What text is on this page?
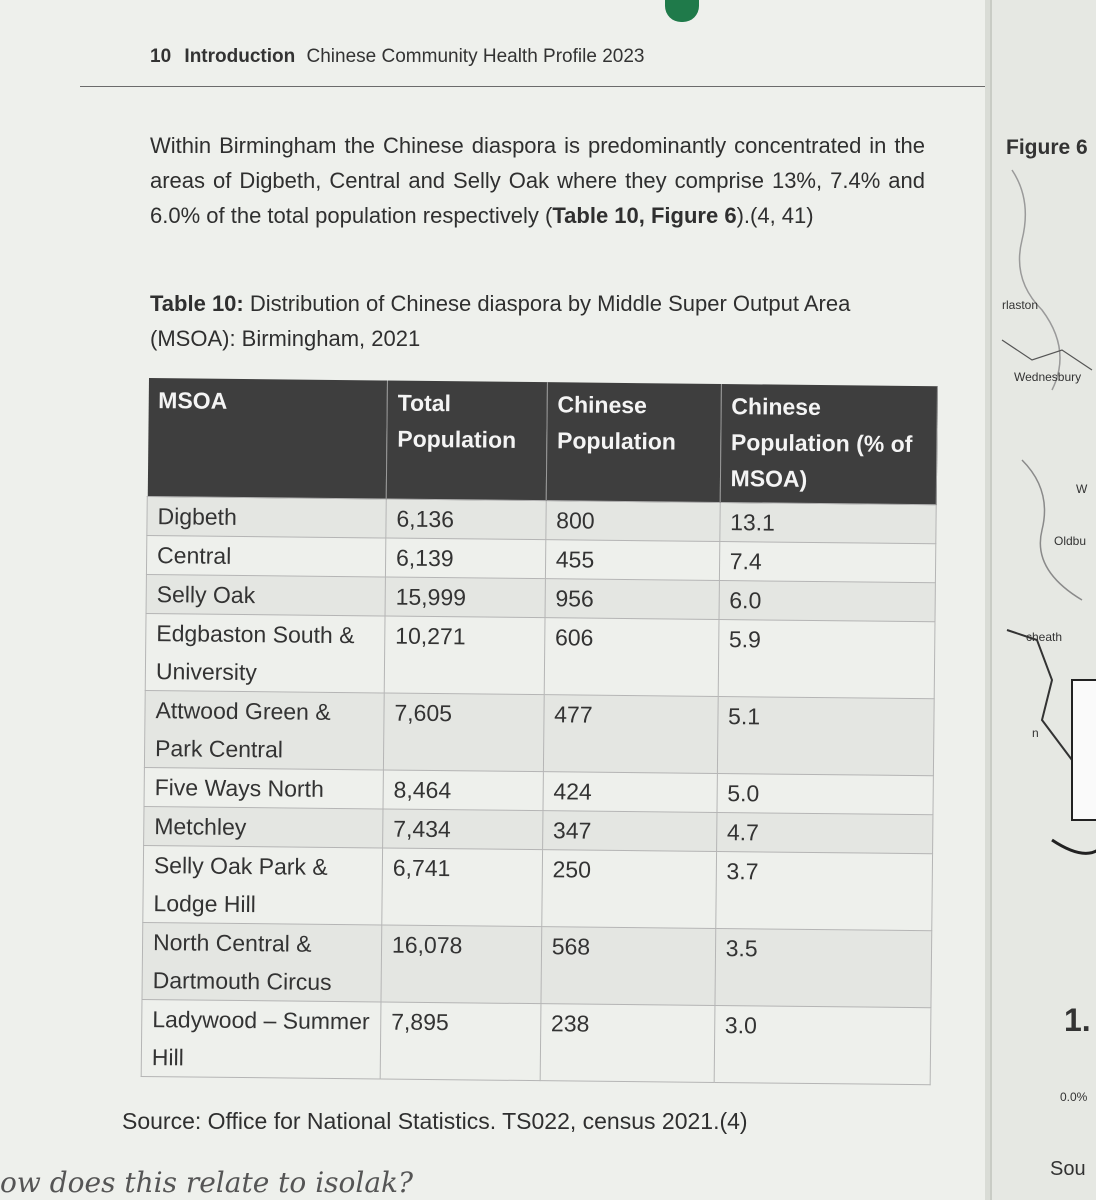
10 Introduction Chinese Community Health Profile 2023
Within Birmingham the Chinese diaspora is predominantly concentrated in the areas of Digbeth, Central and Selly Oak where they comprise 13%, 7.4% and 6.0% of the total population respectively (Table 10, Figure 6).(4, 41)
Table 10: Distribution of Chinese diaspora by Middle Super Output Area (MSOA): Birmingham, 2021
MSOA	Total Population	Chinese Population	Chinese Population (% of MSOA)
Digbeth	6,136	800	13.1
Central	6,139	455	7.4
Selly Oak	15,999	956	6.0
Edgbaston South & University	10,271	606	5.9
Attwood Green & Park Central	7,605	477	5.1
Five Ways North	8,464	424	5.0
Metchley	7,434	347	4.7
Selly Oak Park & Lodge Hill	6,741	250	3.7
North Central & Dartmouth Circus	16,078	568	3.5
Ladywood – Summer Hill	7,895	238	3.0
Source: Office for National Statistics. TS022, census 2021.(4)
ow does this relate to isolak?
Figure 6
rlaston
Wednesbury
W
Oldbu
cheath
n
1.
0.0%
Sou
